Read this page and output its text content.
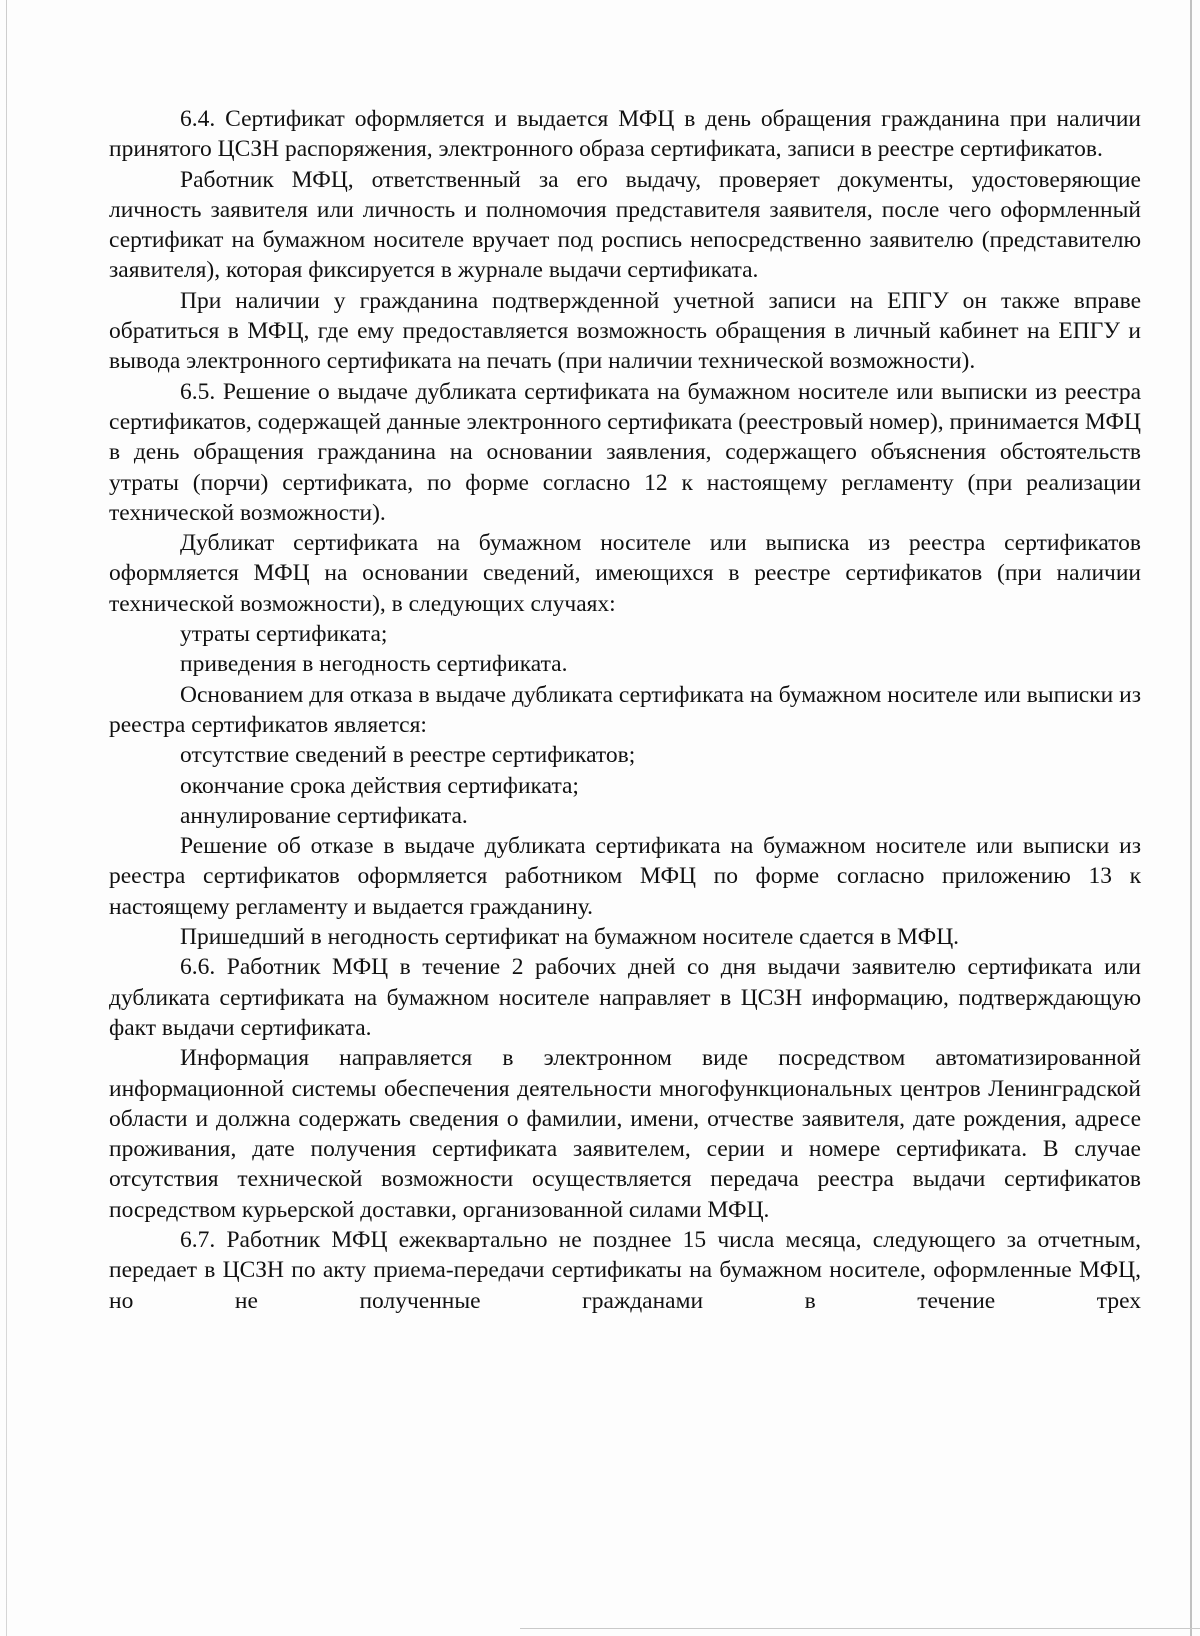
6.4. Сертификат оформляется и выдается МФЦ в день обращения гражданина при наличии принятого ЦСЗН распоряжения, электронного образа сертификата, записи в реестре сертификатов.

Работник МФЦ, ответственный за его выдачу, проверяет документы, удостоверяющие личность заявителя или личность и полномочия представителя заявителя, после чего оформленный сертификат на бумажном носителе вручает под роспись непосредственно заявителю (представителю заявителя), которая фиксируется в журнале выдачи сертификата.

При наличии у гражданина подтвержденной учетной записи на ЕПГУ он также вправе обратиться в МФЦ, где ему предоставляется возможность обращения в личный кабинет на ЕПГУ и вывода электронного сертификата на печать (при наличии технической возможности).

6.5. Решение о выдаче дубликата сертификата на бумажном носителе или выписки из реестра сертификатов, содержащей данные электронного сертификата (реестровый номер), принимается МФЦ в день обращения гражданина на основании заявления, содержащего объяснения обстоятельств утраты (порчи) сертификата, по форме согласно 12 к настоящему регламенту (при реализации технической возможности).

Дубликат сертификата на бумажном носителе или выписка из реестра сертификатов оформляется МФЦ на основании сведений, имеющихся в реестре сертификатов (при наличии технической возможности), в следующих случаях:

утраты сертификата;

приведения в негодность сертификата.

Основанием для отказа в выдаче дубликата сертификата на бумажном носителе или выписки из реестра сертификатов является:

отсутствие сведений в реестре сертификатов;

окончание срока действия сертификата;

аннулирование сертификата.

Решение об отказе в выдаче дубликата сертификата на бумажном носителе или выписки из реестра сертификатов оформляется работником МФЦ по форме согласно приложению 13 к настоящему регламенту и выдается гражданину.

Пришедший в негодность сертификат на бумажном носителе сдается в МФЦ.

6.6. Работник МФЦ в течение 2 рабочих дней со дня выдачи заявителю сертификата или дубликата сертификата на бумажном носителе направляет в ЦСЗН информацию, подтверждающую факт выдачи сертификата.

Информация направляется в электронном виде посредством автоматизированной информационной системы обеспечения деятельности многофункциональных центров Ленинградской области и должна содержать сведения о фамилии, имени, отчестве заявителя, дате рождения, адресе проживания, дате получения сертификата заявителем, серии и номере сертификата. В случае отсутствия технической возможности осуществляется передача реестра выдачи сертификатов посредством курьерской доставки, организованной силами МФЦ.

6.7. Работник МФЦ ежеквартально не позднее 15 числа месяца, следующего за отчетным, передает в ЦСЗН по акту приема-передачи сертификаты на бумажном носителе, оформленные МФЦ, но не полученные гражданами в течение трех
